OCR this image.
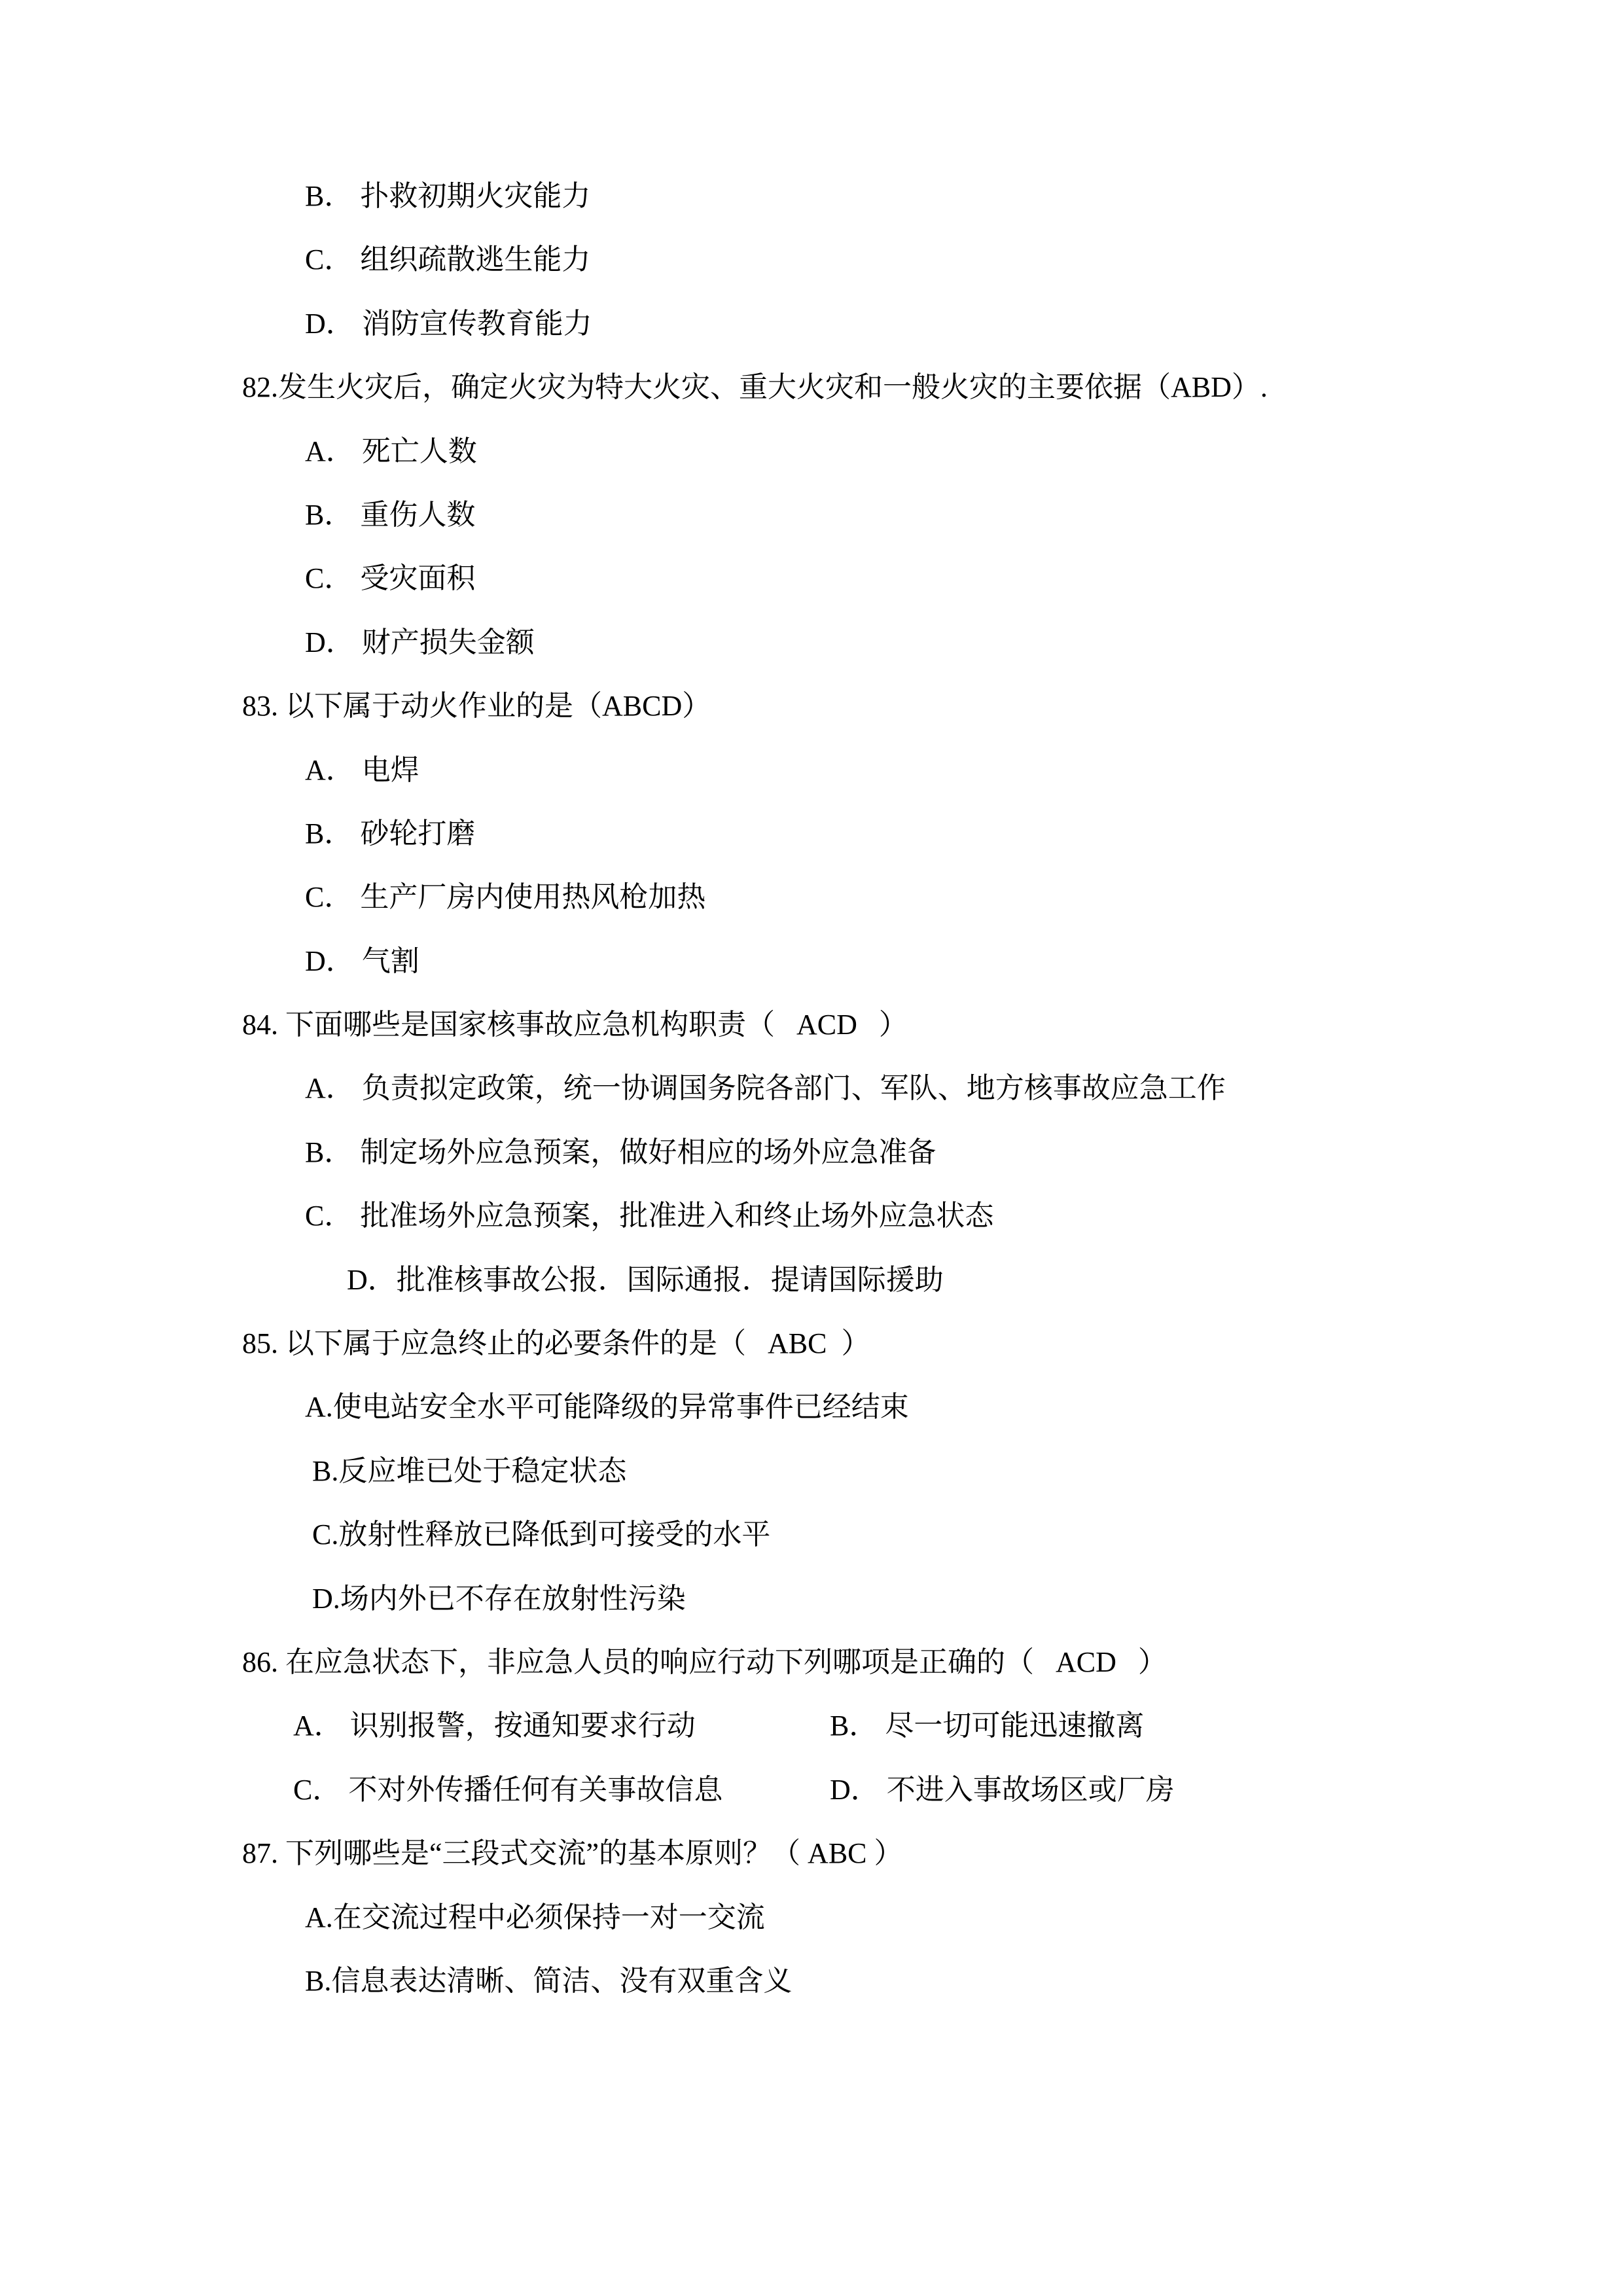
B． 扑救初期火灾能力
C． 组织疏散逃生能力
D． 消防宣传教育能力
82.发生火灾后，确定火灾为特大火灾、重大火灾和一般火灾的主要依据（ABD）.
A． 死亡人数
B． 重伤人数
C． 受灾面积
D． 财产损失金额
83. 以下属于动火作业的是（ABCD）
A． 电焊
B． 砂轮打磨
C． 生产厂房内使用热风枪加热
D． 气割
84. 下面哪些是国家核事故应急机构职责（   ACD   ）
A． 负责拟定政策，统一协调国务院各部门、军队、地方核事故应急工作
B． 制定场外应急预案，做好相应的场外应急准备
C． 批准场外应急预案，批准进入和终止场外应急状态
D．批准核事故公报．国际通报．提请国际援助
85. 以下属于应急终止的必要条件的是（   ABC  ）
A.使电站安全水平可能降级的异常事件已经结束
B.反应堆已处于稳定状态
C.放射性释放已降低到可接受的水平
D.场内外已不存在放射性污染
86. 在应急状态下，非应急人员的响应行动下列哪项是正确的（   ACD   ）
A． 识别报警，按通知要求行动	B． 尽一切可能迅速撤离
C． 不对外传播任何有关事故信息	D． 不进入事故场区或厂房
87. 下列哪些是“三段式交流”的基本原则？（ ABC ）
A.在交流过程中必须保持一对一交流
B.信息表达清晰、简洁、没有双重含义
